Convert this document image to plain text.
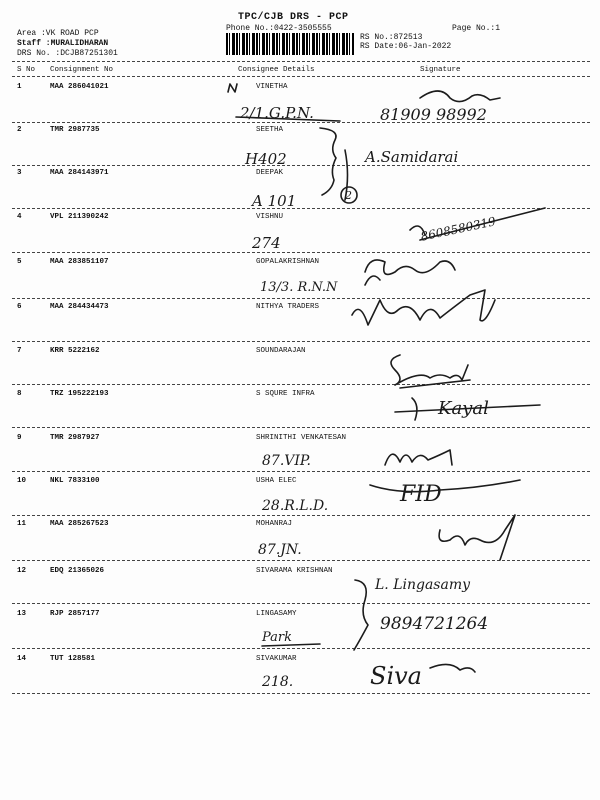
TPC/CJB DRS - PCP
Phone No.:0422-3505555	Page No.:1
RS No.:872513
RS Date:06-Jan-2022
Area :VK ROAD PCP
Staff :MURALIDHARAN
DRS No. :DCJB87251301
S No Consignment No	Consignee Details	Signature
1	MAA 286041021	VINETHA
2/1.G.P.N.	81909 98992
2	TMR 2987735	SEETHA
H402	A.Samidarai
3	MAA 284143971	DEEPAK
A 101	2
4	VPL 211390242	VISHNU
274	8608580319
5	MAA 283851107	GOPALAKRISHNAN
13/3. R.N.N
6	MAA 284434473	NITHYA TRADERS
7	KRR 5222162	SOUNDARAJAN
8	TRZ 195222193	S SQURE INFRA
Kayal
9	TMR 2987927	SHRINITHI VENKATESAN
87.VIP.
10	NKL 7833100	USHA ELEC
28.R.L.D.	FID
11	MAA 285267523	MOHANRAJ
87.JN.
12	EDQ 21365026	SIVARAMA KRISHNAN
L. Lingasamy
13	RJP 2857177	LINGASAMY
Park
9894721264
14	TUT 128581	SIVAKUMAR
218.	Siva
